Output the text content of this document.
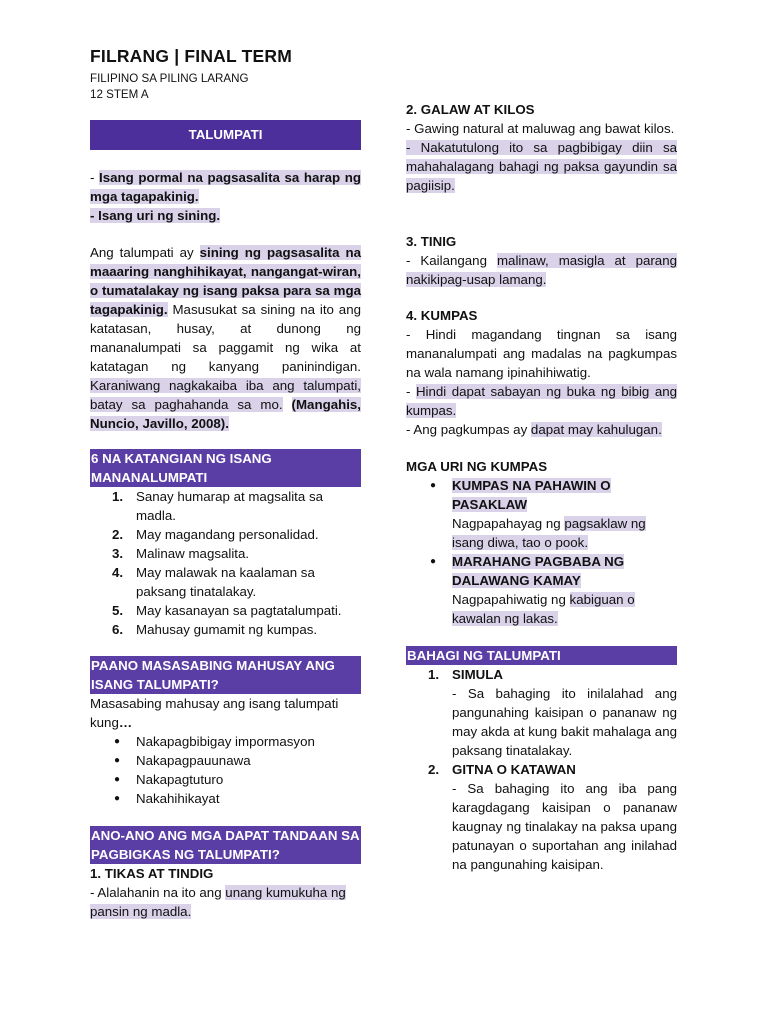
FILRANG | FINAL TERM
FILIPINO SA PILING LARANG
12 STEM A
TALUMPATI

- Isang pormal na pagsasalita sa harap ng mga tagapakinig.

- Isang uri ng sining.

Ang talumpati ay sining ng pagsasalita na maaaring nanghihikayat, nangangat-wiran, o tumatalakay ng isang paksa para sa mga tagapakinig. Masusukat sa sining na ito ang katatasan, husay, at dunong ng mananalumpati sa paggamit ng wika at katatagan ng kanyang paninindigan. Karaniwang nagkakaiba iba ang talumpati, batay sa paghahanda sa mo. (Mangahis, Nuncio, Javillo, 2008).

6 NA KATANGIAN NG ISANG MANANALUMPATI
1. Sanay humarap at magsalita sa madla.
2. May magandang personalidad.
3. Malinaw magsalita.
4. May malawak na kaalaman sa paksang tinatalakay.
5. May kasanayan sa pagtatalumpati.
6. Mahusay gumamit ng kumpas.
PAANO MASASABING MAHUSAY ANG ISANG TALUMPATI?

Masasabing mahusay ang isang talumpati kung…

● Nakapagbibigay impormasyon
● Nakapagpauunawa
● Nakapagtuturo
● Nakahihikayat
ANO-ANO ANG MGA DAPAT TANDAAN SA PAGBIGKAS NG TALUMPATI?

1. TIKAS AT TINDIG

- Alalahanin na ito ang unang kumukuha ng pansin ng madla.

2. GALAW AT KILOS

- Gawing natural at maluwag ang bawat kilos.

- Nakatutulong ito sa pagbibigay diin sa mahahalagang bahagi ng paksa gayundin sa pagiisip.

3. TINIG

- Kailangang malinaw, masigla at parang nakikipag-usap lamang.

4. KUMPAS

- Hindi magandang tingnan sa isang mananalumpati ang madalas na pagkumpas na wala namang ipinahihiwatig.

- Hindi dapat sabayan ng buka ng bibig ang kumpas.

- Ang pagkumpas ay dapat may kahulugan.

MGA URI NG KUMPAS

● KUMPAS NA PAHAWIN O PASAKLAW
Nagpapahayag ng pagsaklaw ng isang diwa, tao o pook.
● MARAHANG PAGBABA NG DALAWANG KAMAY
Nagpapahiwatig ng kabiguan o kawalan ng lakas.
BAHAGI NG TALUMPATI
1. SIMULA
- Sa bahaging ito inilalahad ang pangunahing kaisipan o pananaw ng may akda at kung bakit mahalaga ang paksang tinatalakay.
2. GITNA O KATAWAN
- Sa bahaging ito ang iba pang karagdagang kaisipan o pananaw kaugnay ng tinalakay na paksa upang patunayan o suportahan ang inilahad na pangunahing kaisipan.
